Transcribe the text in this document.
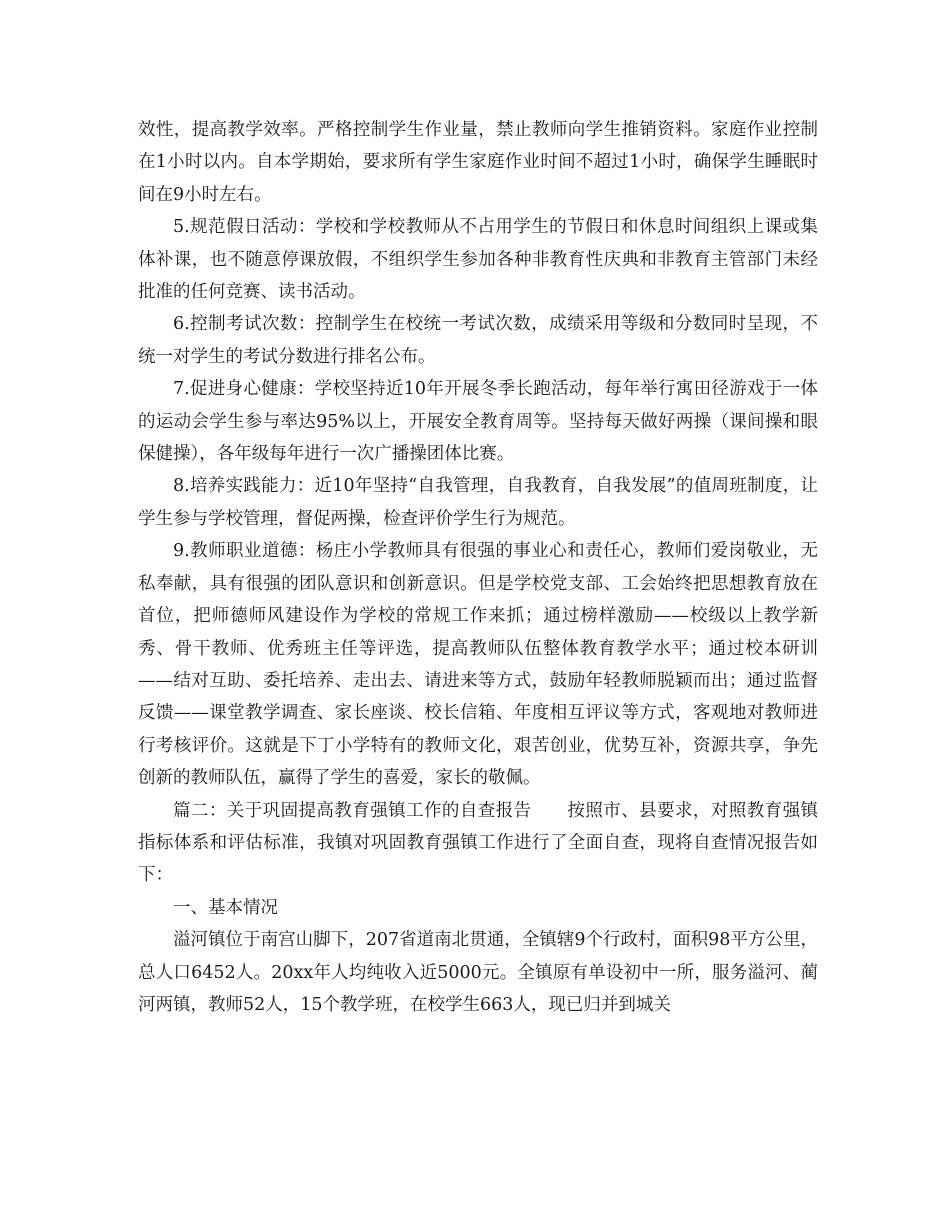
效性，提高教学效率。严格控制学生作业量，禁止教师向学生推销资料。家庭作业控制在1小时以内。自本学期始，要求所有学生家庭作业时间不超过1小时，确保学生睡眠时间在9小时左右。

5.规范假日活动：学校和学校教师从不占用学生的节假日和休息时间组织上课或集体补课，也不随意停课放假，不组织学生参加各种非教育性庆典和非教育主管部门未经批准的任何竞赛、读书活动。

6.控制考试次数：控制学生在校统一考试次数，成绩采用等级和分数同时呈现，不统一对学生的考试分数进行排名公布。

7.促进身心健康：学校坚持近10年开展冬季长跑活动，每年举行寓田径游戏于一体的运动会学生参与率达95%以上，开展安全教育周等。坚持每天做好两操（课间操和眼保健操），各年级每年进行一次广播操团体比赛。

8.培养实践能力：近10年坚持“自我管理，自我教育，自我发展”的值周班制度，让学生参与学校管理，督促两操，检查评价学生行为规范。

9.教师职业道德：杨庄小学教师具有很强的事业心和责任心，教师们爱岗敬业，无私奉献，具有很强的团队意识和创新意识。但是学校党支部、工会始终把思想教育放在首位，把师德师风建设作为学校的常规工作来抓；通过榜样激励——校级以上教学新秀、骨干教师、优秀班主任等评选，提高教师队伍整体教育教学水平；通过校本研训——结对互助、委托培养、走出去、请进来等方式，鼓励年轻教师脱颖而出；通过监督反馈——课堂教学调查、家长座谈、校长信箱、年度相互评议等方式，客观地对教师进行考核评价。这就是下丁小学特有的教师文化，艰苦创业，优势互补，资源共享，争先创新的教师队伍，赢得了学生的喜爱，家长的敬佩。

篇二：关于巩固提高教育强镇工作的自查报告　　按照市、县要求，对照教育强镇指标体系和评估标准，我镇对巩固教育强镇工作进行了全面自查，现将自查情况报告如下：

一、基本情况

溢河镇位于南宫山脚下，207省道南北贯通，全镇辖9个行政村，面积98平方公里，总人口6452人。20xx年人均纯收入近5000元。全镇原有单设初中一所，服务溢河、蔺河两镇，教师52人，15个教学班，在校学生663人，现已归并到城关
